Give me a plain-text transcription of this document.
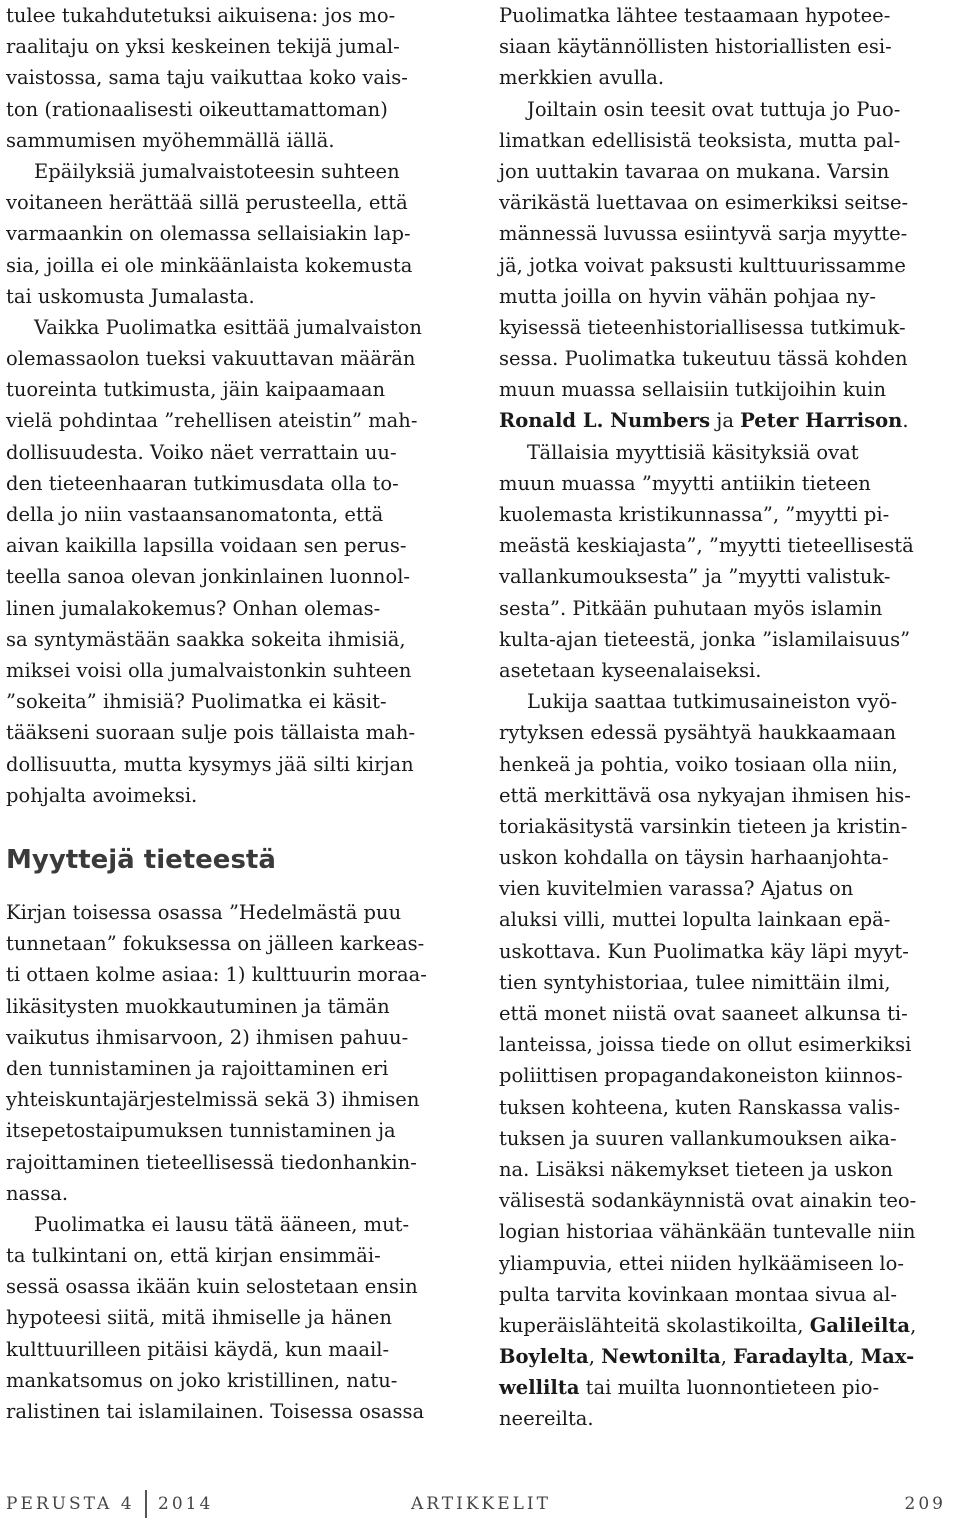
tulee tukahdutetuksi aikuisena: jos mo-
raalitaju on yksi keskeinen tekijä jumal-
vaistossa, sama taju vaikuttaa koko vais-
ton (rationaalisesti oikeuttamattoman)
sammumisen myöhemmällä iällä.
Epäilyksiä jumalvaistoteesin suhteen
voitaneen herättää sillä perusteella, että
varmaankin on olemassa sellaisiakin lap-
sia, joilla ei ole minkäänlaista kokemusta
tai uskomusta Jumalasta.
Vaikka Puolimatka esittää jumalvaiston
olemassaolon tueksi vakuuttavan määrän
tuoreinta tutkimusta, jäin kaipaamaan
vielä pohdintaa ”rehellisen ateistin” mah-
dollisuudesta. Voiko näet verrattain uu-
den tieteenhaaran tutkimusdata olla to-
della jo niin vastaansanomatonta, että
aivan kaikilla lapsilla voidaan sen perus-
teella sanoa olevan jonkinlainen luonnol-
linen jumalakokemus? Onhan olemas-
sa syntymästään saakka sokeita ihmisiä,
miksei voisi olla jumalvaistonkin suhteen
”sokeita” ihmisiä? Puolimatka ei käsit-
tääkseni suoraan sulje pois tällaista mah-
dollisuutta, mutta kysymys jää silti kirjan
pohjalta avoimeksi.
Myyttejä tieteestä
Kirjan toisessa osassa ”Hedelmästä puu
tunnetaan” fokuksessa on jälleen karkeas-
ti ottaen kolme asiaa: 1) kulttuurin moraa-
likäsitysten muokkautuminen ja tämän
vaikutus ihmisarvoon, 2) ihmisen pahuu-
den tunnistaminen ja rajoittaminen eri
yhteiskuntajärjestelmissä sekä 3) ihmisen
itsepetostaipumuksen tunnistaminen ja
rajoittaminen tieteellisessä tiedonhankin-
nassa.
Puolimatka ei lausu tätä ääneen, mut-
ta tulkintani on, että kirjan ensimmäi-
sessä osassa ikään kuin selostetaan ensin
hypoteesi siitä, mitä ihmiselle ja hänen
kulttuurilleen pitäisi käydä, kun maail-
mankatsomus on joko kristillinen, natu-
ralistinen tai islamilainen. Toisessa osassa
Puolimatka lähtee testaamaan hypotee-
siaan käytännöllisten historiallisten esi-
merkkien avulla.
Joiltain osin teesit ovat tuttuja jo Puo-
limatkan edellisistä teoksista, mutta pal-
jon uuttakin tavaraa on mukana. Varsin
värikästä luettavaa on esimerkiksi seitse-
männessä luvussa esiintyvä sarja myytte-
jä, jotka voivat paksusti kulttuurissamme
mutta joilla on hyvin vähän pohjaa ny-
kyisessä tieteenhistoriallisessa tutkimuk-
sessa. Puolimatka tukeutuu tässä kohden
muun muassa sellaisiin tutkijoihin kuin
Ronald L. Numbers ja Peter Harrison.
Tällaisia myyttisiä käsityksiä ovat
muun muassa ”myytti antiikin tieteen
kuolemasta kristikunnassa”, ”myytti pi-
meästä keskiajasta”, ”myytti tieteellisestä
vallankumouksesta” ja ”myytti valistuk-
sesta”. Pitkään puhutaan myös islamin
kulta-ajan tieteestä, jonka ”islamilaisuus”
asetetaan kyseenalaiseksi.
Lukija saattaa tutkimusaineiston vyö-
rytyksen edessä pysähtyä haukkaamaan
henkeä ja pohtia, voiko tosiaan olla niin,
että merkittävä osa nykyajan ihmisen his-
toriakäsitystä varsinkin tieteen ja kristin-
uskon kohdalla on täysin harhaanjohta-
vien kuvitelmien varassa? Ajatus on
aluksi villi, muttei lopulta lainkaan epä-
uskottava. Kun Puolimatka käy läpi myyt-
tien syntyhistoriaa, tulee nimittäin ilmi,
että monet niistä ovat saaneet alkunsa ti-
lanteissa, joissa tiede on ollut esimerkiksi
poliittisen propagandakoneiston kiinnos-
tuksen kohteena, kuten Ranskassa valis-
tuksen ja suuren vallankumouksen aika-
na. Lisäksi näkemykset tieteen ja uskon
välisestä sodankäynnistä ovat ainakin teo-
logian historiaa vähänkään tuntevalle niin
yliampuvia, ettei niiden hylkäämiseen lo-
pulta tarvita kovinkaan montaa sivua al-
kuperäislähteitä skolastikoilta, Galileilta,
Boylelta, Newtonilta, Faradaylta, Max-
wellilta tai muilta luonnontieteen pio-
neereilta.
PERUSTA 4 2014	ARTIKKELIT	209
